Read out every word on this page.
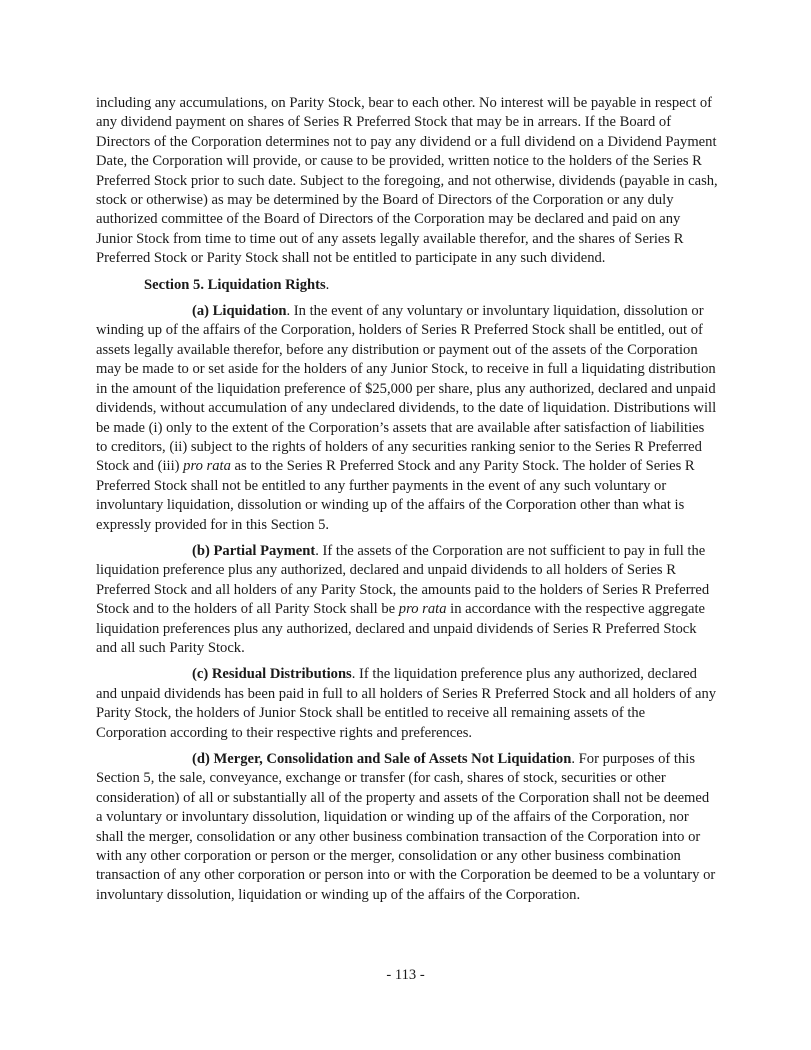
including any accumulations, on Parity Stock, bear to each other. No interest will be payable in respect of any dividend payment on shares of Series R Preferred Stock that may be in arrears. If the Board of Directors of the Corporation determines not to pay any dividend or a full dividend on a Dividend Payment Date, the Corporation will provide, or cause to be provided, written notice to the holders of the Series R Preferred Stock prior to such date. Subject to the foregoing, and not otherwise, dividends (payable in cash, stock or otherwise) as may be determined by the Board of Directors of the Corporation or any duly authorized committee of the Board of Directors of the Corporation may be declared and paid on any Junior Stock from time to time out of any assets legally available therefor, and the shares of Series R Preferred Stock or Parity Stock shall not be entitled to participate in any such dividend.

Section 5. Liquidation Rights.

(a) Liquidation. In the event of any voluntary or involuntary liquidation, dissolution or winding up of the affairs of the Corporation, holders of Series R Preferred Stock shall be entitled, out of assets legally available therefor, before any distribution or payment out of the assets of the Corporation may be made to or set aside for the holders of any Junior Stock, to receive in full a liquidating distribution in the amount of the liquidation preference of $25,000 per share, plus any authorized, declared and unpaid dividends, without accumulation of any undeclared dividends, to the date of liquidation. Distributions will be made (i) only to the extent of the Corporation’s assets that are available after satisfaction of liabilities to creditors, (ii) subject to the rights of holders of any securities ranking senior to the Series R Preferred Stock and (iii) pro rata as to the Series R Preferred Stock and any Parity Stock. The holder of Series R Preferred Stock shall not be entitled to any further payments in the event of any such voluntary or involuntary liquidation, dissolution or winding up of the affairs of the Corporation other than what is expressly provided for in this Section 5.

(b) Partial Payment. If the assets of the Corporation are not sufficient to pay in full the liquidation preference plus any authorized, declared and unpaid dividends to all holders of Series R Preferred Stock and all holders of any Parity Stock, the amounts paid to the holders of Series R Preferred Stock and to the holders of all Parity Stock shall be pro rata in accordance with the respective aggregate liquidation preferences plus any authorized, declared and unpaid dividends of Series R Preferred Stock and all such Parity Stock.

(c) Residual Distributions. If the liquidation preference plus any authorized, declared and unpaid dividends has been paid in full to all holders of Series R Preferred Stock and all holders of any Parity Stock, the holders of Junior Stock shall be entitled to receive all remaining assets of the Corporation according to their respective rights and preferences.

(d) Merger, Consolidation and Sale of Assets Not Liquidation. For purposes of this Section 5, the sale, conveyance, exchange or transfer (for cash, shares of stock, securities or other consideration) of all or substantially all of the property and assets of the Corporation shall not be deemed a voluntary or involuntary dissolution, liquidation or winding up of the affairs of the Corporation, nor shall the merger, consolidation or any other business combination transaction of the Corporation into or with any other corporation or person or the merger, consolidation or any other business combination transaction of any other corporation or person into or with the Corporation be deemed to be a voluntary or involuntary dissolution, liquidation or winding up of the affairs of the Corporation.

- 113 -
